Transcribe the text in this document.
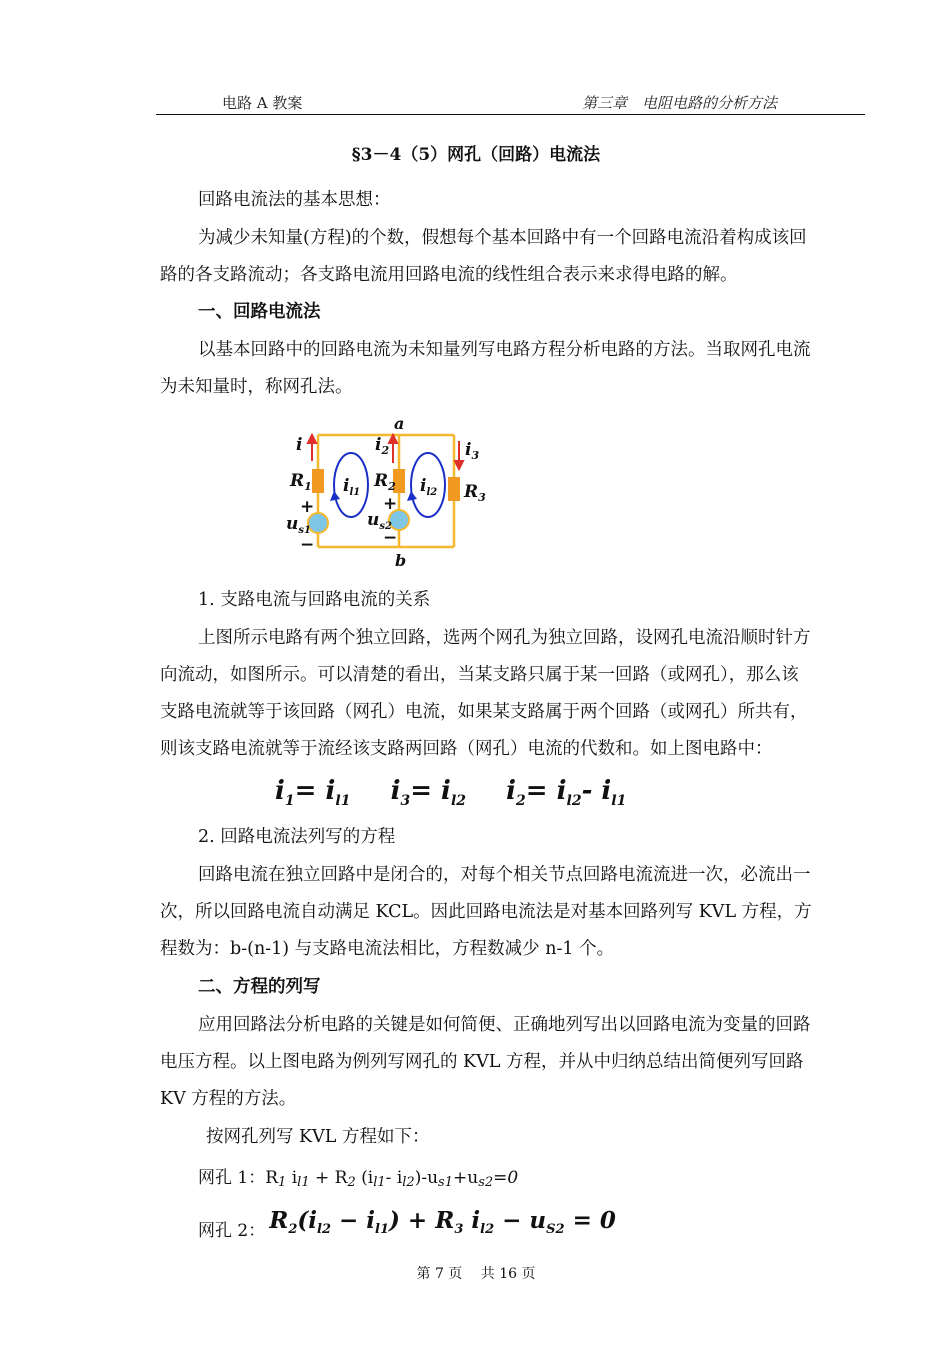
电路 A 教案	第三章　电阻电路的分析方法
§3－4（5）网孔（回路）电流法
回路电流法的基本思想：
为减少未知量(方程)的个数，假想每个基本回路中有一个回路电流沿着构成该回
路的各支路流动；各支路电流用回路电流的线性组合表示来求得电路的解。
一、回路电流法
以基本回路中的回路电流为未知量列写电路方程分析电路的方法。当取网孔电流
为未知量时，称网孔法。
a
b
i	$i_2$	$i_3$
$R_1$	$R_2$	$R_3$
$i_{l1}$	$i_{l2}$
$u_{s1}$
$u_{s2}$
+
−
+
−
1. 支路电流与回路电流的关系
上图所示电路有两个独立回路，选两个网孔为独立回路，设网孔电流沿顺时针方
向流动，如图所示。可以清楚的看出，当某支路只属于某一回路（或网孔），那么该
支路电流就等于该回路（网孔）电流，如果某支路属于两个回路（或网孔）所共有，
则该支路电流就等于流经该支路两回路（网孔）电流的代数和。如上图电路中：
i1= il1 i3= il2 i2= il2- il1
2. 回路电流法列写的方程
回路电流在独立回路中是闭合的，对每个相关节点回路电流流进一次，必流出一
次，所以回路电流自动满足 KCL。因此回路电流法是对基本回路列写 KVL 方程，方
程数为：b-(n-1) 与支路电流法相比，方程数减少 n-1 个。
二、方程的列写
应用回路法分析电路的关键是如何简便、正确地列写出以回路电流为变量的回路
电压方程。以上图电路为例列写网孔的 KVL 方程，并从中归纳总结出简便列写回路
KV 方程的方法。
按网孔列写 KVL 方程如下：
网孔 1：R1 il1 + R2 (il1- il2)-us1+us2=0
网孔 2： $R_2(i_{l2} - i_{l1}) + R_3$ $i_{l2} - u_{S2} = 0$
第 7 页　 共 16 页
